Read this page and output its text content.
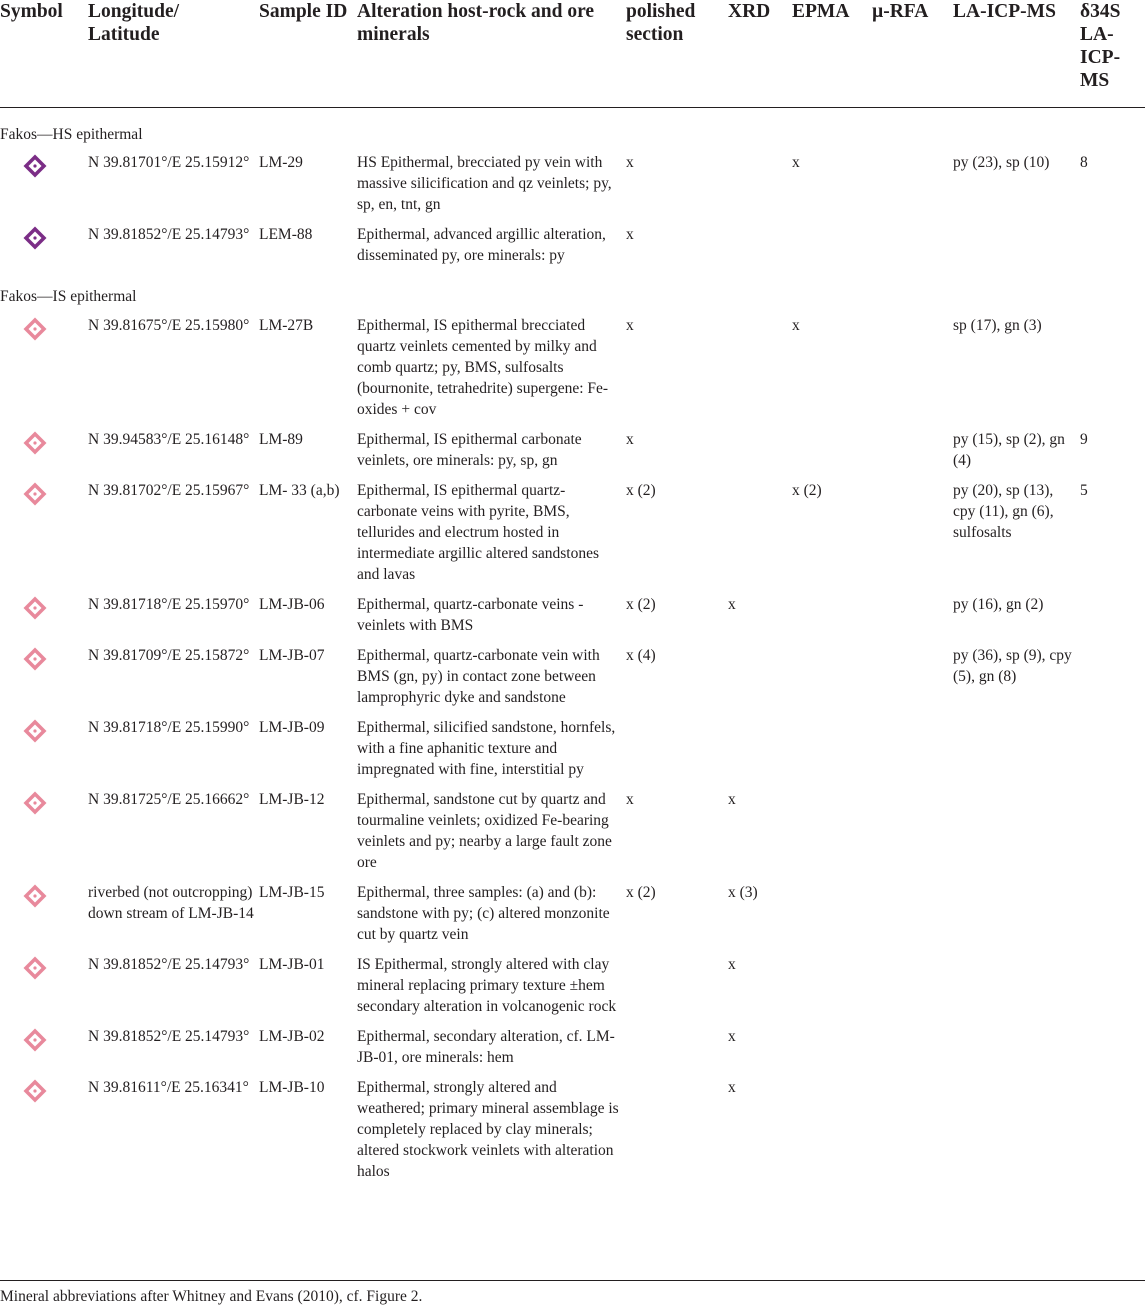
Symbol	Longitude/ Latitude	Sample ID	Alteration host-rock and ore minerals	polished section	XRD	EPMA	µ-RFA	LA-ICP-MS	δ34S LA-ICP-MS
Fakos—HS epithermal									

	N 39.81701°/E 25.15912°	LM-29	HS Epithermal, brecciated py vein with massive silicification and qz veinlets; py, sp, en, tnt, gn	x		x		py (23), sp (10)	8

	N 39.81852°/E 25.14793°	LEM-88	Epithermal, advanced argillic alteration, disseminated py, ore minerals: py	x					
Fakos—IS epithermal									

	N 39.81675°/E 25.15980°	LM-27B	Epithermal, IS epithermal brecciated quartz veinlets cemented by milky and comb quartz; py, BMS, sulfosalts (bournonite, tetrahedrite) supergene: Fe-oxides + cov	x		x		sp (17), gn (3)	

	N 39.94583°/E 25.16148°	LM-89	Epithermal, IS epithermal carbonate veinlets, ore minerals: py, sp, gn	x				py (15), sp (2), gn (4)	9

	N 39.81702°/E 25.15967°	LM- 33 (a,b)	Epithermal, IS epithermal quartz-carbonate veins with pyrite, BMS, tellurides and electrum hosted in intermediate argillic altered sandstones and lavas	x (2)		x (2)		py (20), sp (13), cpy (11), gn (6), sulfosalts	5

	N 39.81718°/E 25.15970°	LM-JB-06	Epithermal, quartz-carbonate veins - veinlets with BMS	x (2)	x			py (16), gn (2)	

	N 39.81709°/E 25.15872°	LM-JB-07	Epithermal, quartz-carbonate vein with BMS (gn, py) in contact zone between lamprophyric dyke and sandstone	x (4)				py (36), sp (9), cpy (5), gn (8)	

	N 39.81718°/E 25.15990°	LM-JB-09	Epithermal, silicified sandstone, hornfels, with a fine aphanitic texture and impregnated with fine, interstitial py						

	N 39.81725°/E 25.16662°	LM-JB-12	Epithermal, sandstone cut by quartz and tourmaline veinlets; oxidized Fe-bearing veinlets and py; nearby a large fault zone ore	x	x				

	riverbed (not outcropping) down stream of LM-JB-14	LM-JB-15	Epithermal, three samples: (a) and (b): sandstone with py; (c) altered monzonite cut by quartz vein	x (2)	x (3)				

	N 39.81852°/E 25.14793°	LM-JB-01	IS Epithermal, strongly altered with clay mineral replacing primary texture ±hem secondary alteration in volcanogenic rock		x				

	N 39.81852°/E 25.14793°	LM-JB-02	Epithermal, secondary alteration, cf. LM-JB-01, ore minerals: hem		x				

	N 39.81611°/E 25.16341°	LM-JB-10	Epithermal, strongly altered and weathered; primary mineral assemblage is completely replaced by clay minerals; altered stockwork veinlets with alteration halos		x				
Mineral abbreviations after Whitney and Evans (2010), cf. Figure 2.
